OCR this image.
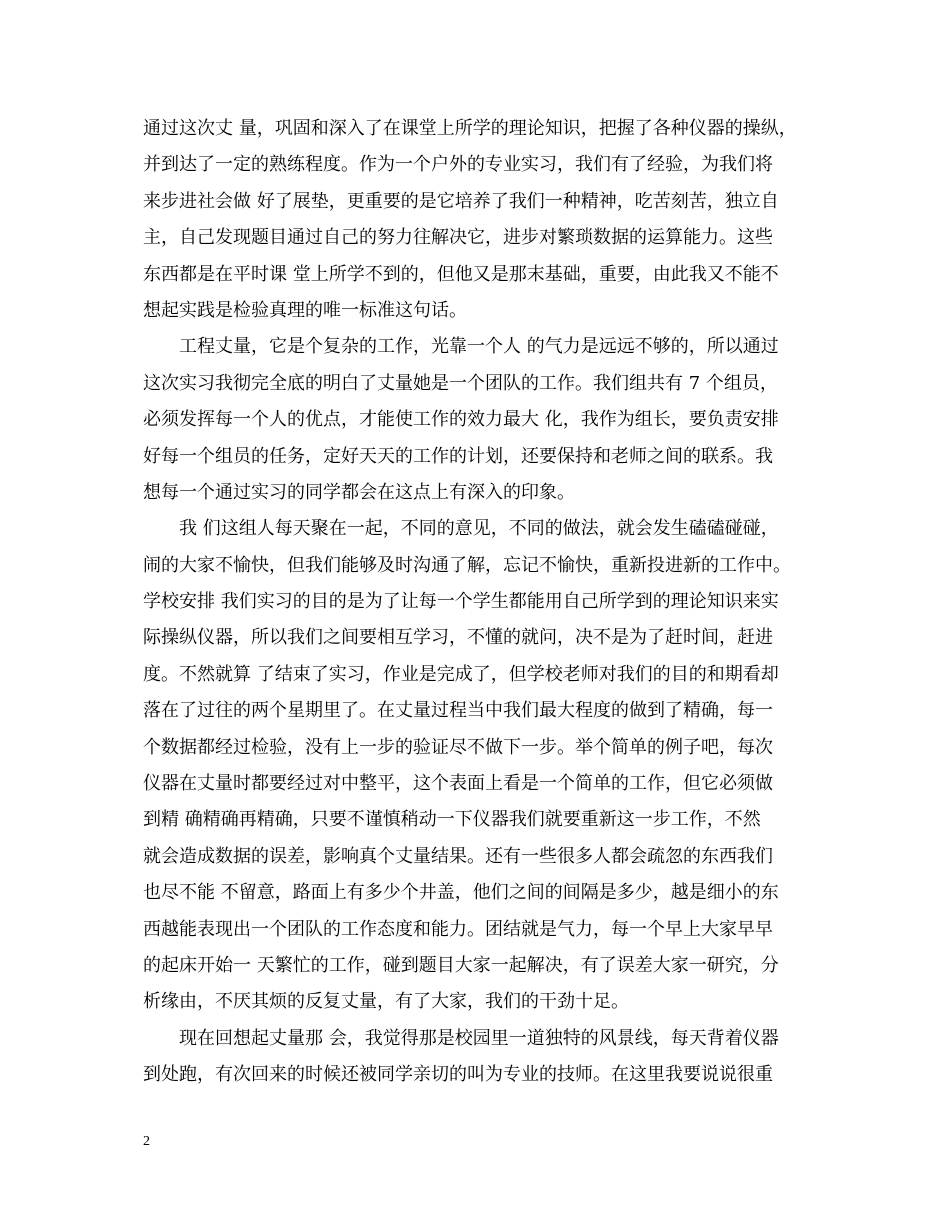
通过这次丈 量，巩固和深入了在课堂上所学的理论知识，把握了各种仪器的操纵，
并到达了一定的熟练程度。作为一个户外的专业实习，我们有了经验，为我们将
来步进社会做 好了展垫，更重要的是它培养了我们一种精神，吃苦刻苦，独立自
主，自己发现题目通过自己的努力往解决它，进步对繁琐数据的运算能力。这些
东西都是在平时课 堂上所学不到的，但他又是那末基础，重要，由此我又不能不
想起实践是检验真理的唯一标准这句话。
工程丈量，它是个复杂的工作，光靠一个人 的气力是远远不够的，所以通过
这次实习我彻完全底的明白了丈量她是一个团队的工作。我们组共有 7 个组员，
必须发挥每一个人的优点，才能使工作的效力最大 化，我作为组长，要负责安排
好每一个组员的任务，定好天天的工作的计划，还要保持和老师之间的联系。我
想每一个通过实习的同学都会在这点上有深入的印象。
我 们这组人每天聚在一起，不同的意见，不同的做法，就会发生磕磕碰碰，
闹的大家不愉快，但我们能够及时沟通了解，忘记不愉快，重新投进新的工作中。
学校安排 我们实习的目的是为了让每一个学生都能用自己所学到的理论知识来实
际操纵仪器，所以我们之间要相互学习，不懂的就问，决不是为了赶时间，赶进
度。不然就算 了结束了实习，作业是完成了，但学校老师对我们的目的和期看却
落在了过往的两个星期里了。在丈量过程当中我们最大程度的做到了精确，每一
个数据都经过检验，没有上一步的验证尽不做下一步。举个简单的例子吧，每次
仪器在丈量时都要经过对中整平，这个表面上看是一个简单的工作，但它必须做
到精 确精确再精确，只要不谨慎稍动一下仪器我们就要重新这一步工作，不然
就会造成数据的误差，影响真个丈量结果。还有一些很多人都会疏忽的东西我们
也尽不能 不留意，路面上有多少个井盖，他们之间的间隔是多少，越是细小的东
西越能表现出一个团队的工作态度和能力。团结就是气力，每一个早上大家早早
的起床开始一 天繁忙的工作，碰到题目大家一起解决，有了误差大家一研究，分
析缘由，不厌其烦的反复丈量，有了大家，我们的干劲十足。
现在回想起丈量那 会，我觉得那是校园里一道独特的风景线，每天背着仪器
到处跑，有次回来的时候还被同学亲切的叫为专业的技师。在这里我要说说很重
2
